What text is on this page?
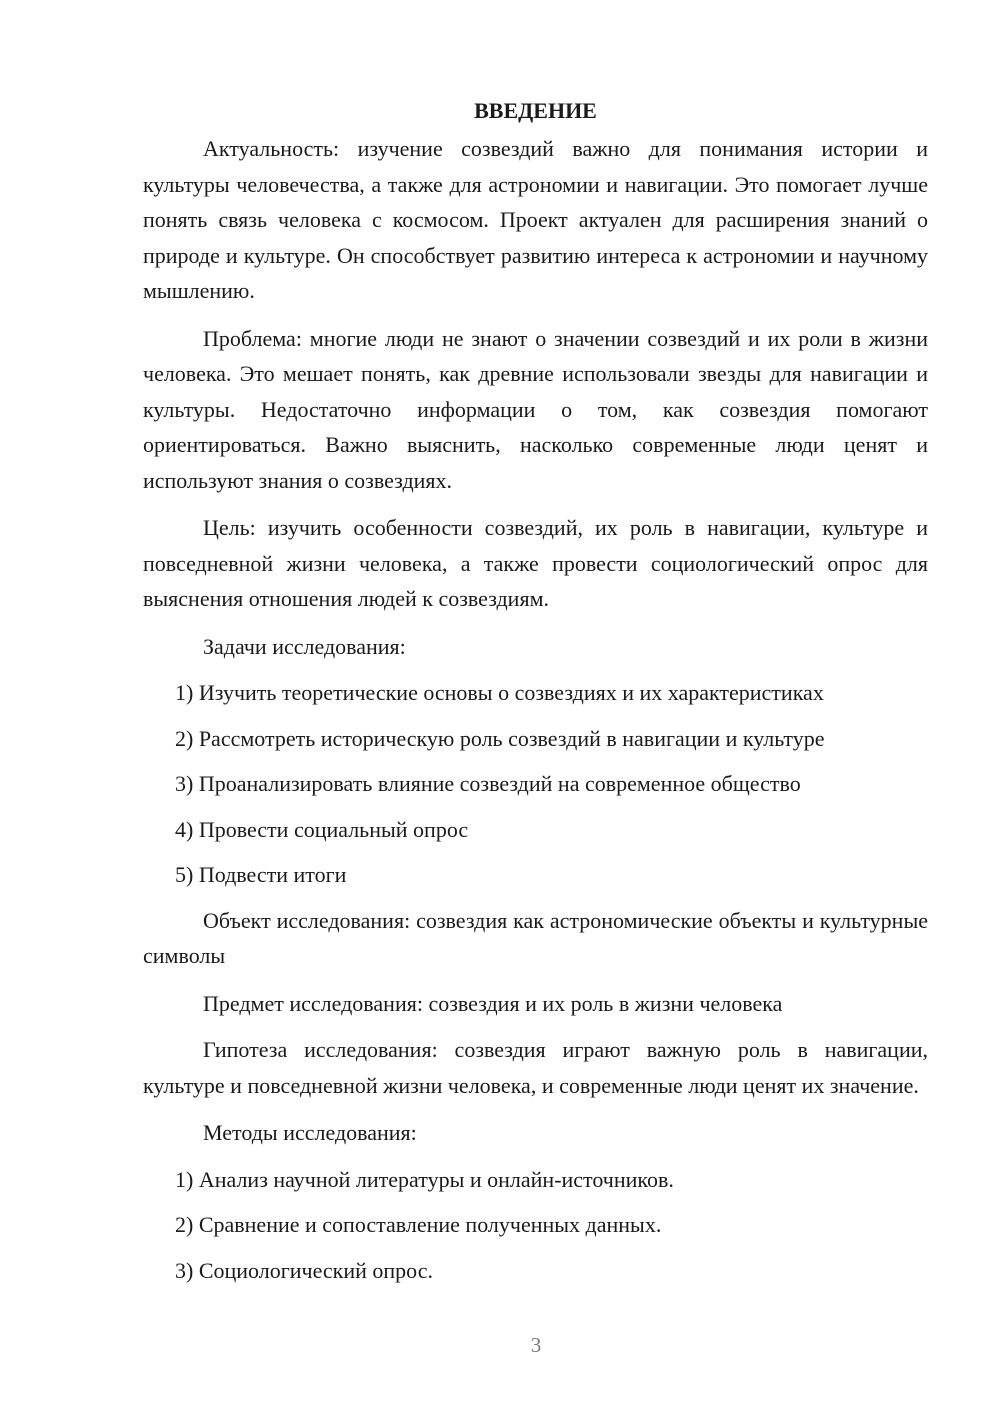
ВВЕДЕНИЕ

Актуальность: изучение созвездий важно для понимания истории и культуры человечества, а также для астрономии и навигации. Это помогает лучше понять связь человека с космосом. Проект актуален для расширения знаний о природе и культуре. Он способствует развитию интереса к астрономии и научному мышлению.

Проблема: многие люди не знают о значении созвездий и их роли в жизни человека. Это мешает понять, как древние использовали звезды для навигации и культуры. Недостаточно информации о том, как созвездия помогают ориентироваться. Важно выяснить, насколько современные люди ценят и используют знания о созвездиях.

Цель: изучить особенности созвездий, их роль в навигации, культуре и повседневной жизни человека, а также провести социологический опрос для выяснения отношения людей к созвездиям.

Задачи исследования:

1) Изучить теоретические основы о созвездиях и их характеристиках
2) Рассмотреть историческую роль созвездий в навигации и культуре
3) Проанализировать влияние созвездий на современное общество
4) Провести социальный опрос
5) Подвести итоги

Объект исследования: созвездия как астрономические объекты и культурные символы

Предмет исследования: созвездия и их роль в жизни человека

Гипотеза исследования: созвездия играют важную роль в навигации, культуре и повседневной жизни человека, и современные люди ценят их значение.

Методы исследования:

1) Анализ научной литературы и онлайн-источников.
2) Сравнение и сопоставление полученных данных.
3) Социологический опрос.
3
